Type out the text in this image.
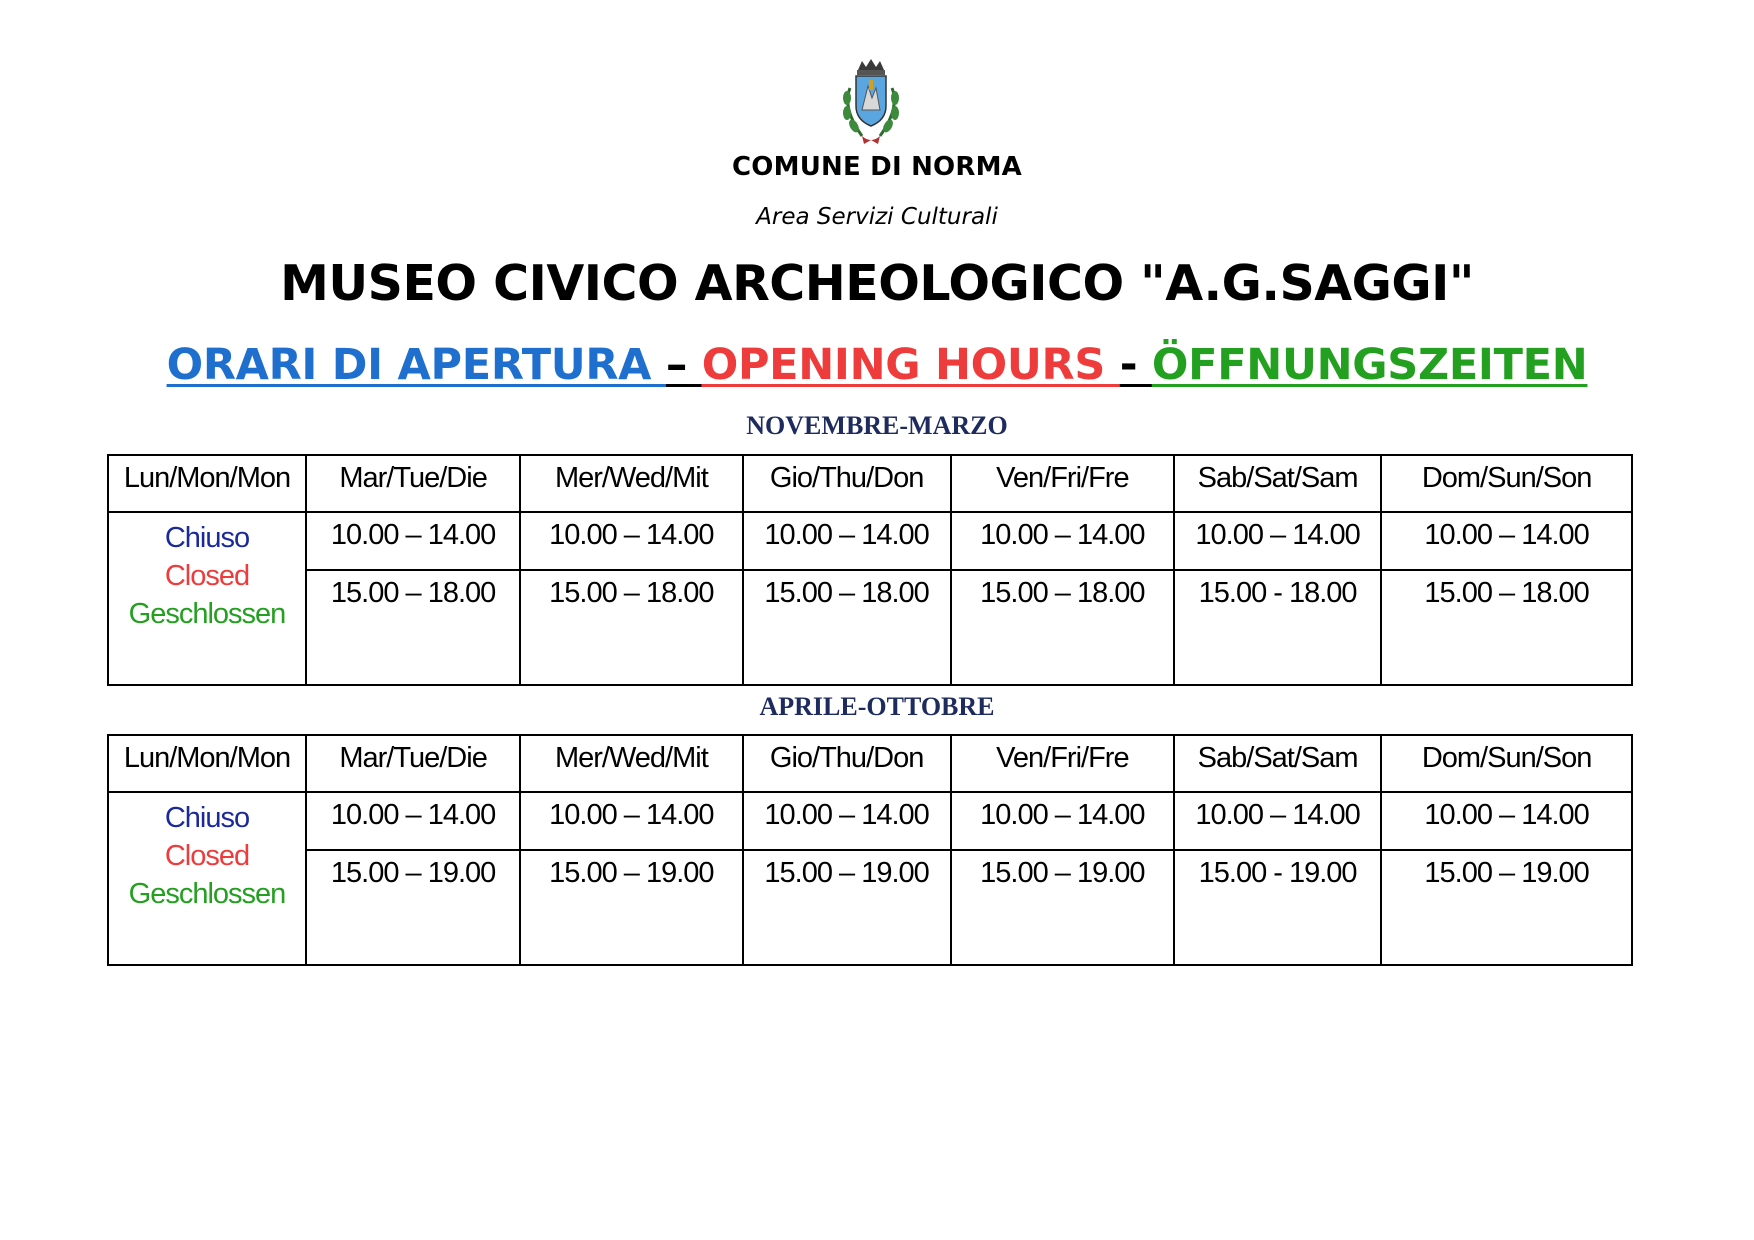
COMUNE DI NORMA
Area Servizi Culturali
MUSEO CIVICO ARCHEOLOGICO "A.G.SAGGI"
ORARI DI APERTURA – OPENING HOURS - ÖFFNUNGSZEITEN
NOVEMBRE-MARZO
Lun/Mon/Mon	Mar/Tue/Die	Mer/Wed/Mit	Gio/Thu/Don	Ven/Fri/Fre	Sab/Sat/Sam	Dom/Sun/Son

Chiuso
Closed
Geschlossen	10.00 – 14.00	10.00 – 14.00	10.00 – 14.00	10.00 – 14.00	10.00 – 14.00	10.00 – 14.00
	15.00 – 18.00	15.00 – 18.00	15.00 – 18.00	15.00 – 18.00	15.00 - 18.00	15.00 – 18.00
APRILE-OTTOBRE
Lun/Mon/Mon	Mar/Tue/Die	Mer/Wed/Mit	Gio/Thu/Don	Ven/Fri/Fre	Sab/Sat/Sam	Dom/Sun/Son

Chiuso
Closed
Geschlossen	10.00 – 14.00	10.00 – 14.00	10.00 – 14.00	10.00 – 14.00	10.00 – 14.00	10.00 – 14.00
	15.00 – 19.00	15.00 – 19.00	15.00 – 19.00	15.00 – 19.00	15.00 - 19.00	15.00 – 19.00
